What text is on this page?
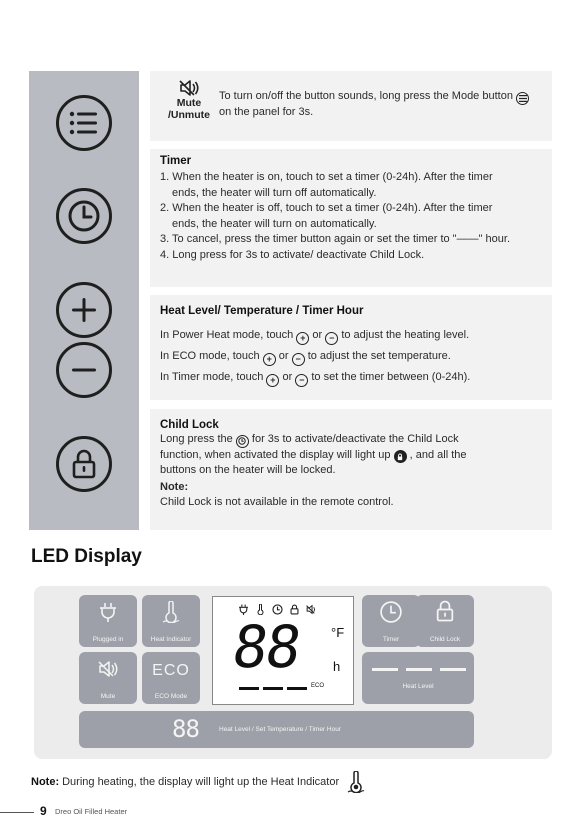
Mute
/Unmute
To turn on/off the button sounds, long press the Mode button
on the panel for 3s.
Timer
1. When the heater is on, touch to set a timer (0-24h). After the timer
ends, the heater will turn off automatically.
2. When the heater is off, touch to set a timer (0-24h). After the timer
ends, the heater will turn on automatically.
3. To cancel, press the timer button again or set the timer to "——" hour.
4. Long press for 3s to activate/ deactivate Child Lock.
Heat Level/ Temperature / Timer Hour
In Power Heat mode, touch + or − to adjust the heating level.
In ECO mode, touch + or − to adjust the set temperature.
In Timer mode, touch + or − to set the timer between (0-24h).
Child Lock
Long press the for 3s to activate/deactivate the Child Lock
function, when activated the display will light up , and all the
buttons on the heater will be locked.
Note:
Child Lock is not available in the remote control.
LED Display
Plugged in	Heat Indicator
Mute
ECO
ECO Mode
88 °F
h
ECO
Timer	Child Lock
Heat Level
88	Heat Level / Set Temperature / Timer Hour
Note: During heating, the display will light up the Heat Indicator
9 Dreo Oil Filled Heater
